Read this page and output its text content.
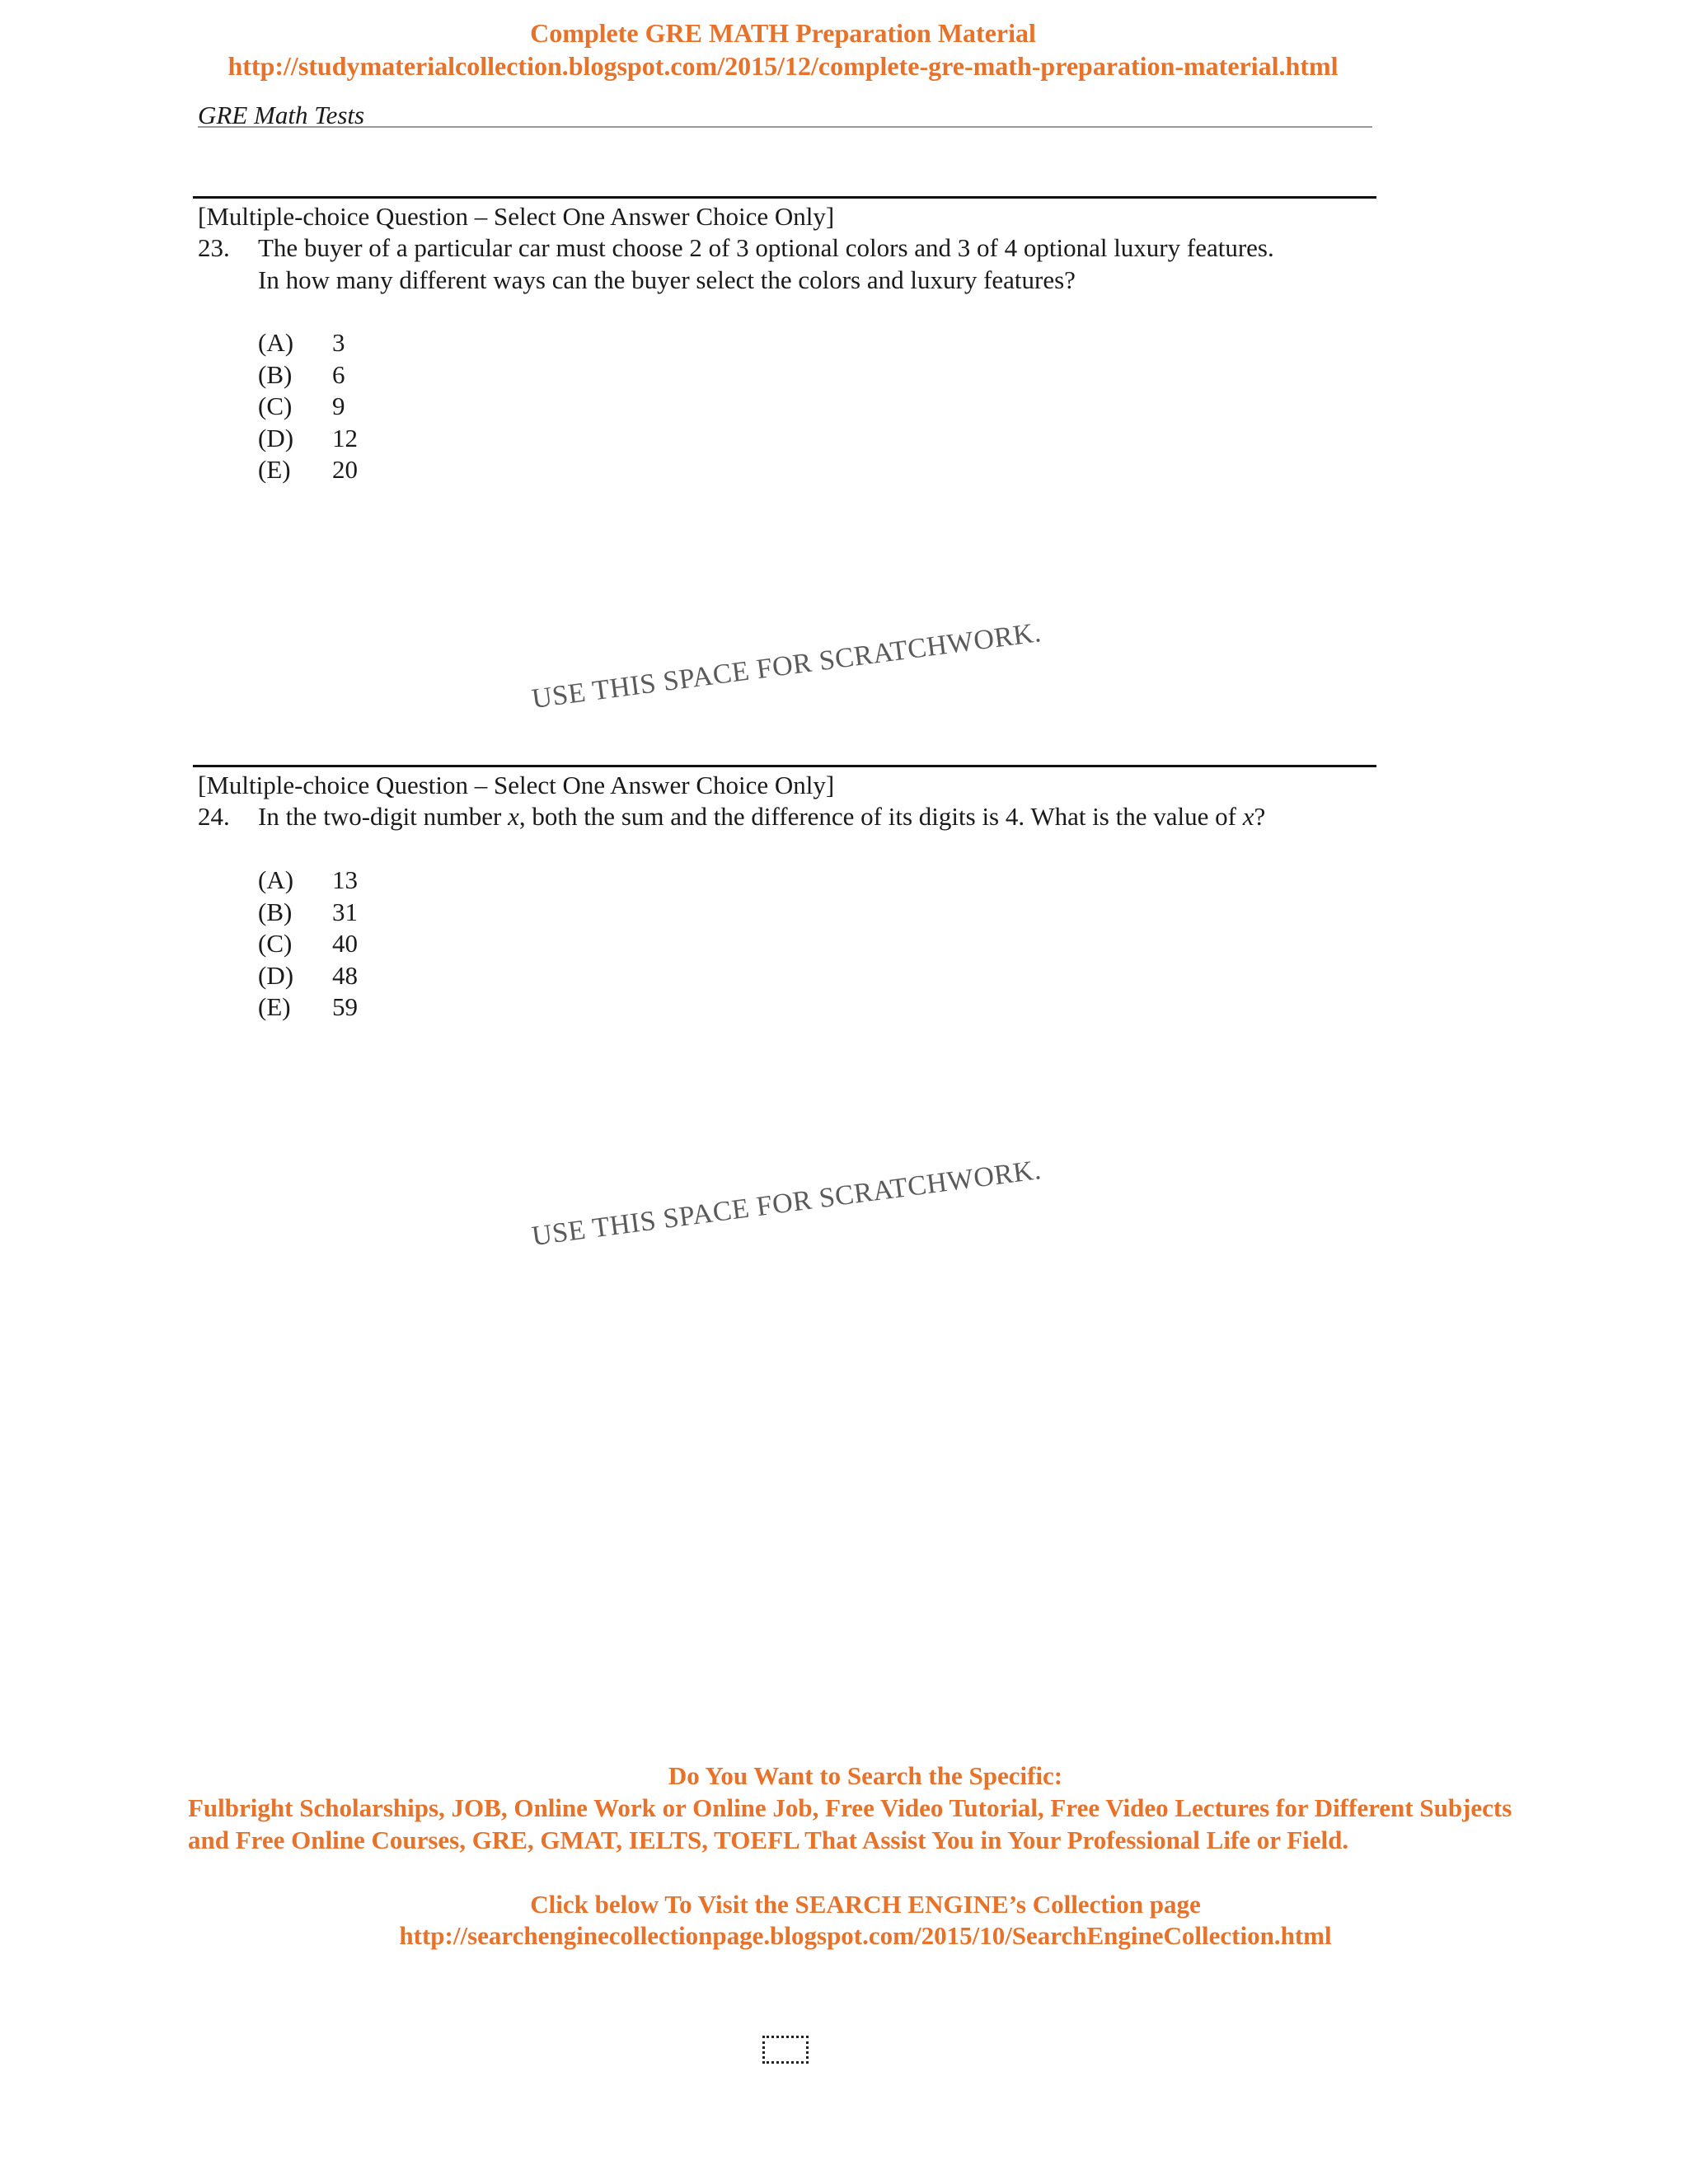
Complete GRE MATH Preparation Material
http://studymaterialcollection.blogspot.com/2015/12/complete-gre-math-preparation-material.html
GRE Math Tests
[Multiple-choice Question – Select One Answer Choice Only]
23. The buyer of a particular car must choose 2 of 3 optional colors and 3 of 4 optional luxury features.
In how many different ways can the buyer select the colors and luxury features?
(A)	3
(B)	6
(C)	9
(D)	12
(E)	20
USE THIS SPACE FOR SCRATCHWORK.
[Multiple-choice Question – Select One Answer Choice Only]
24. In the two-digit number x, both the sum and the difference of its digits is 4. What is the value of x?
(A)	13
(B)	31
(C)	40
(D)	48
(E)	59
USE THIS SPACE FOR SCRATCHWORK.
Do You Want to Search the Specific:
Fulbright Scholarships, JOB, Online Work or Online Job, Free Video Tutorial, Free Video Lectures for Different Subjects and Free Online Courses, GRE, GMAT, IELTS, TOEFL That Assist You in Your Professional Life or Field.
Click below To Visit the SEARCH ENGINE’s Collection page
http://searchenginecollectionpage.blogspot.com/2015/10/SearchEngineCollection.html
